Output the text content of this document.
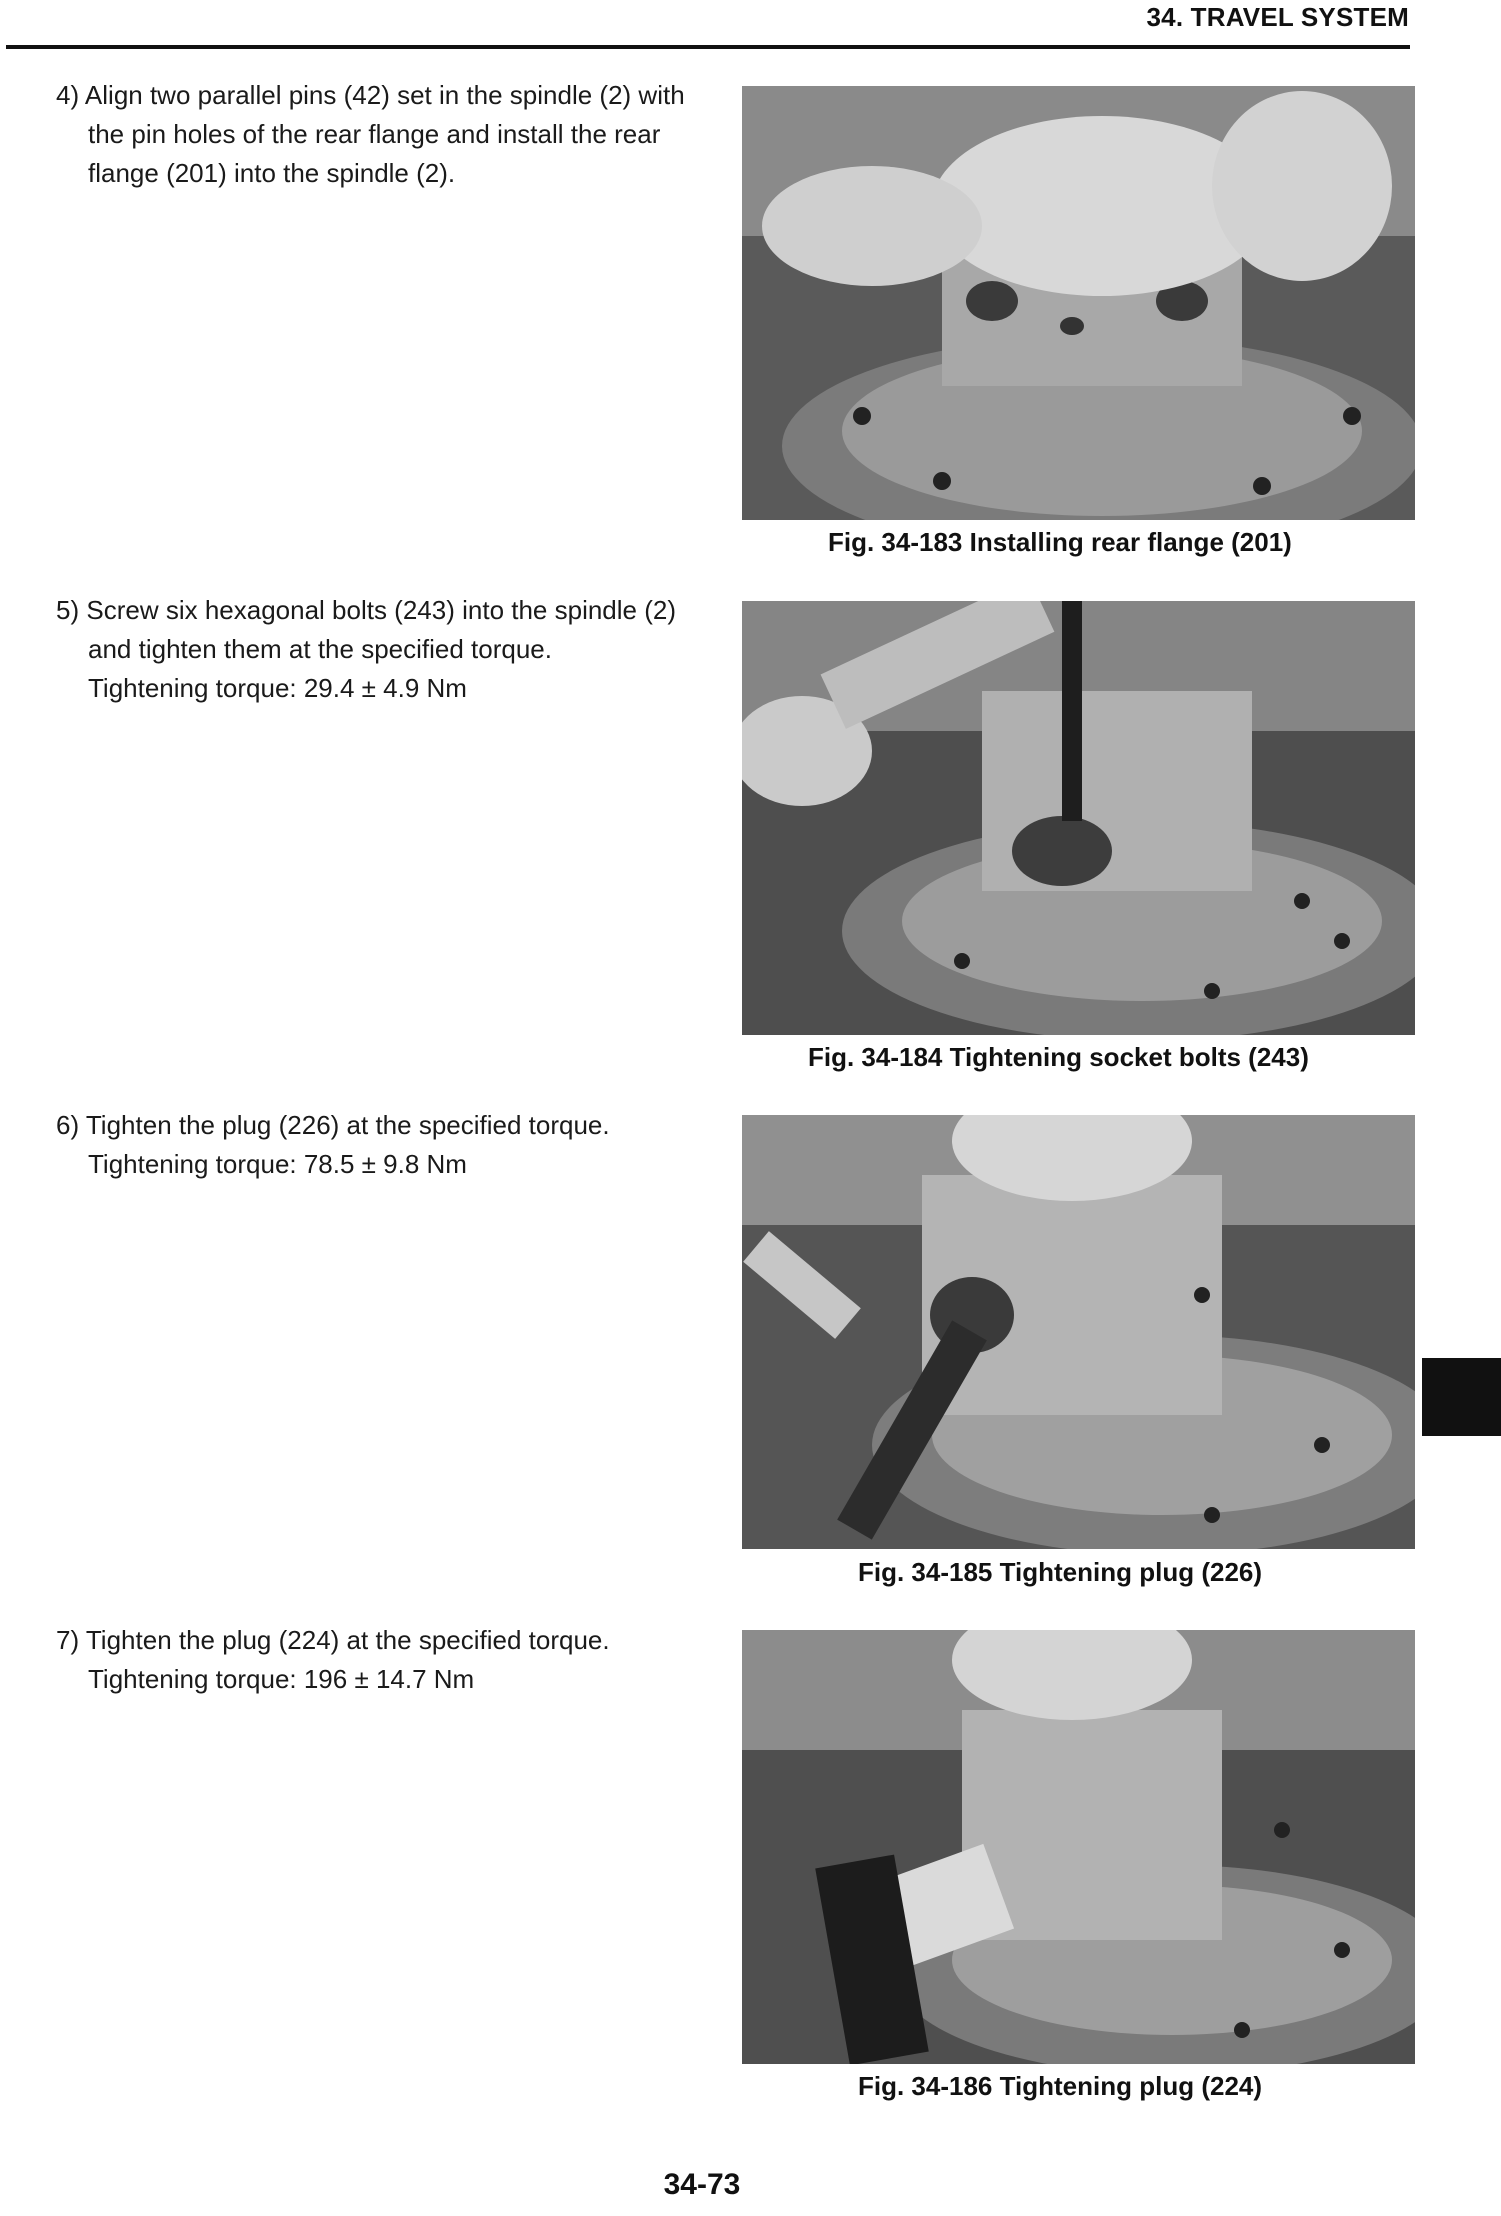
34. TRAVEL SYSTEM
4) Align two parallel pins (42) set in the spindle (2) with the pin holes of the rear flange and install the rear flange (201) into the spindle (2).
Fig. 34-183 Installing rear flange (201)
5) Screw six hexagonal bolts (243) into the spindle (2) and tighten them at the specified torque.
Tightening torque: 29.4 ± 4.9 Nm
Fig. 34-184 Tightening socket bolts (243)
6) Tighten the plug (226) at the specified torque.
Tightening torque: 78.5 ± 9.8 Nm
Fig. 34-185 Tightening plug (226)
7) Tighten the plug (224) at the specified torque.
Tightening torque: 196 ± 14.7 Nm
Fig. 34-186 Tightening plug (224)
34-73
